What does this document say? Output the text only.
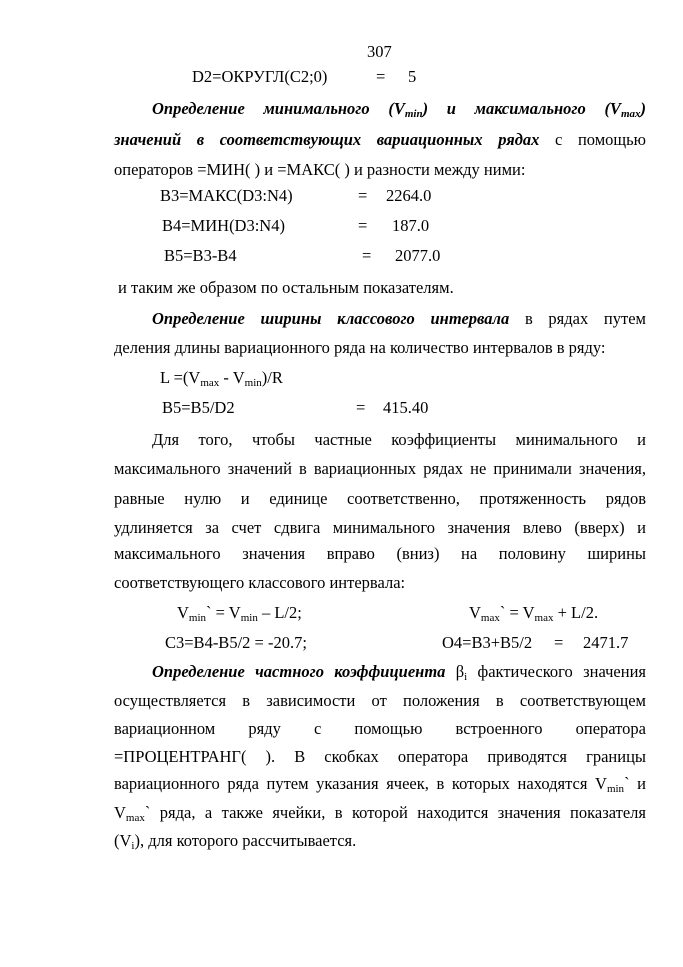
307
D2=ОКРУГЛ(C2;0)	= 5
Определение минимального $(V_{min})$ и максимального $(V_{max})$
значений в соответствующих вариационных рядах с помощью
операторов =МИН( ) и =МАКС( ) и разности между ними:
B3=МАКС(D3:N4)	= 2264.0
B4=МИН(D3:N4)	= 187.0
B5=B3-B4	= 2077.0
и таким же образом по остальным показателям.
Определение ширины классового интервала в рядах путем
деления длины вариационного ряда на количество интервалов в ряду:
$L =(V_{max} - V_{min})/R$
B5=B5/D2	= 415.40
Для того, чтобы частные коэффициенты минимального и
максимального значений в вариационных рядах не принимали значения,
равные нулю и единице соответственно, протяженность рядов
удлиняется за счет сдвига минимального значения влево (вверх) и
максимального значения вправо (вниз) на половину ширины
соответствующего классового интервала:
$V_{min}` = V_{min} - L/2$;	$V_{max}` = V_{max} + L/2$.
C3=B4-B5/2 = -20.7;	O4=B3+B5/2 = 2471.7
Определение частного коэффициента $\beta_i$ фактического значения
осуществляется в зависимости от положения в соответствующем
вариационном ряду с помощью встроенного оператора
=ПРОЦЕНТРАНГ( ). В скобках оператора приводятся границы
вариационного ряда путем указания ячеек, в которых находятся $V_{min}`$ и
$V_{max}`$ ряда, а также ячейки, в которой находится значения показателя
$(V_i)$, для которого рассчитывается.
